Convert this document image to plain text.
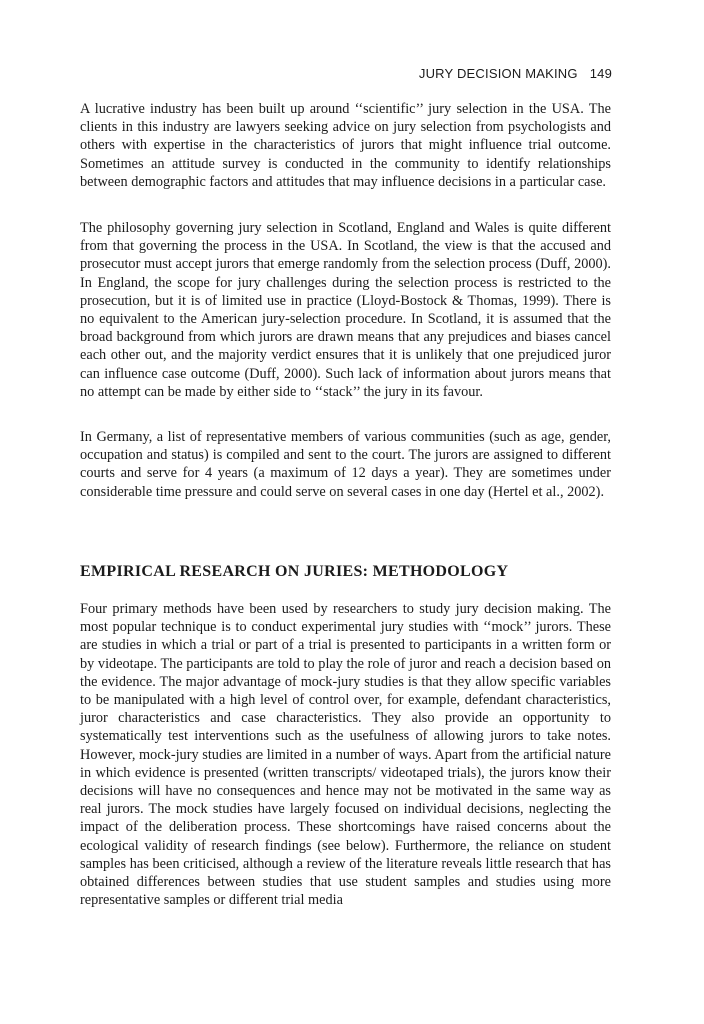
JURY DECISION MAKING 149

A lucrative industry has been built up around ‘‘scientific’’ jury selection in the USA. The clients in this industry are lawyers seeking advice on jury selection from psychologists and others with expertise in the characteristics of jurors that might influence trial outcome. Sometimes an attitude survey is conducted in the community to identify relationships between demographic factors and attitudes that may influence decisions in a particular case.

The philosophy governing jury selection in Scotland, England and Wales is quite different from that governing the process in the USA. In Scotland, the view is that the accused and prosecutor must accept jurors that emerge randomly from the selection process (Duff, 2000). In England, the scope for jury challenges during the selection process is restricted to the prosecution, but it is of limited use in practice (Lloyd-Bostock & Thomas, 1999). There is no equivalent to the American jury-selection procedure. In Scotland, it is assumed that the broad background from which jurors are drawn means that any prejudices and biases cancel each other out, and the majority verdict ensures that it is unlikely that one prejudiced juror can influence case outcome (Duff, 2000). Such lack of information about jurors means that no attempt can be made by either side to ‘‘stack’’ the jury in its favour.

In Germany, a list of representative members of various communities (such as age, gender, occupation and status) is compiled and sent to the court. The jurors are assigned to different courts and serve for 4 years (a maximum of 12 days a year). They are sometimes under considerable time pressure and could serve on several cases in one day (Hertel et al., 2002).

EMPIRICAL RESEARCH ON JURIES: METHODOLOGY

Four primary methods have been used by researchers to study jury decision making. The most popular technique is to conduct experimental jury studies with ‘‘mock’’ jurors. These are studies in which a trial or part of a trial is presented to participants in a written form or by videotape. The participants are told to play the role of juror and reach a decision based on the evidence. The major advantage of mock-jury studies is that they allow specific variables to be manipulated with a high level of control over, for example, defendant characteristics, juror characteristics and case characteristics. They also provide an opportunity to systematically test interventions such as the usefulness of allowing jurors to take notes. However, mock-jury studies are limited in a number of ways. Apart from the artificial nature in which evidence is presented (written transcripts/ videotaped trials), the jurors know their decisions will have no consequences and hence may not be motivated in the same way as real jurors. The mock studies have largely focused on individual decisions, neglecting the impact of the deliberation process. These shortcomings have raised concerns about the ecological validity of research findings (see below). Furthermore, the reliance on student samples has been criticised, although a review of the literature reveals little research that has obtained differences between studies that use student samples and studies using more representative samples or different trial media
